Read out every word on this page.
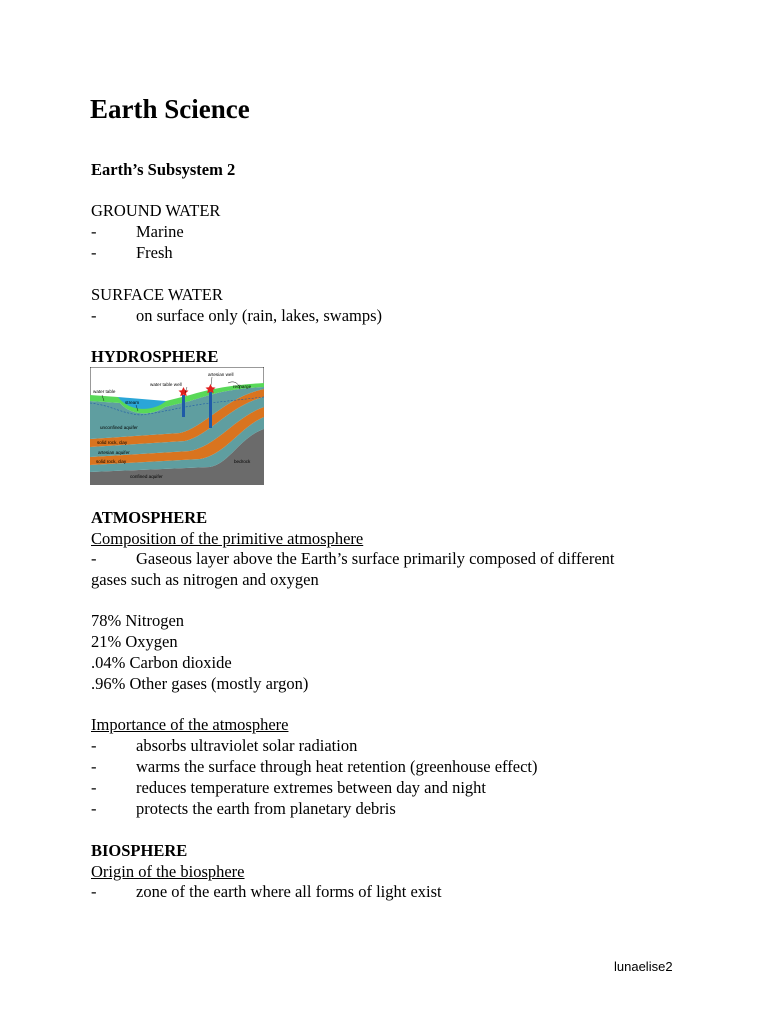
Earth Science
Earth’s Subsystem 2
GROUND WATER
- Marine
- Fresh
SURFACE WATER
- on surface only (rain, lakes, swamps)
HYDROSPHERE
artesian well
water table well	recharge
water table
stream
unconfined aquifer
solid rock, clay
artesian aquifer
solid rock, clay	bedrock
confined aquifer
ATMOSPHERE
Composition of the primitive atmosphere
- Gaseous layer above the Earth’s surface primarily composed of different
gases such as nitrogen and oxygen
78% Nitrogen
21% Oxygen
.04% Carbon dioxide
.96% Other gases (mostly argon)
Importance of the atmosphere
- absorbs ultraviolet solar radiation
- warms the surface through heat retention (greenhouse effect)
- reduces temperature extremes between day and night
- protects the earth from planetary debris
BIOSPHERE
Origin of the biosphere
- zone of the earth where all forms of light exist
lunaelise2
